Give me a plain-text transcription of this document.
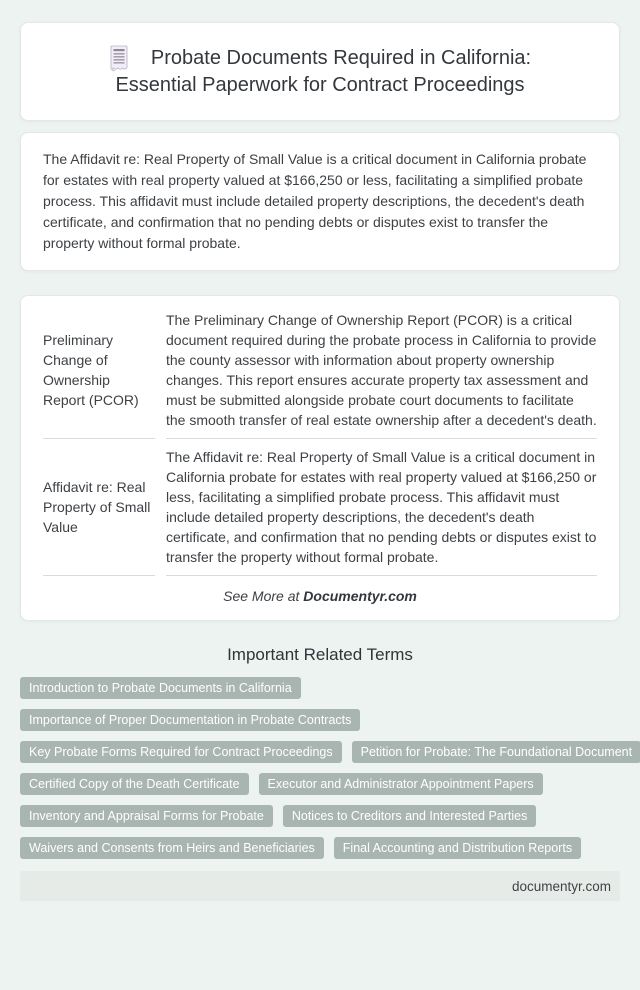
Probate Documents Required in California:
Essential Paperwork for Contract Proceedings
The Affidavit re: Real Property of Small Value is a critical document in California probate for estates with real property valued at $166,250 or less, facilitating a simplified probate process. This affidavit must include detailed property descriptions, the decedent's death certificate, and confirmation that no pending debts or disputes exist to transfer the property without formal probate.
Preliminary Change of Ownership Report (PCOR)
The Preliminary Change of Ownership Report (PCOR) is a critical document required during the probate process in California to provide the county assessor with information about property ownership changes. This report ensures accurate property tax assessment and must be submitted alongside probate court documents to facilitate the smooth transfer of real estate ownership after a decedent's death.
Affidavit re: Real Property of Small Value
The Affidavit re: Real Property of Small Value is a critical document in California probate for estates with real property valued at $166,250 or less, facilitating a simplified probate process. This affidavit must include detailed property descriptions, the decedent's death certificate, and confirmation that no pending debts or disputes exist to transfer the property without formal probate.
See More at Documentyr.com
Important Related Terms
Introduction to Probate Documents in California
Importance of Proper Documentation in Probate Contracts
Key Probate Forms Required for Contract Proceedings	Petition for Probate: The Foundational Document
Certified Copy of the Death Certificate	Executor and Administrator Appointment Papers
Inventory and Appraisal Forms for Probate	Notices to Creditors and Interested Parties
Waivers and Consents from Heirs and Beneficiaries	Final Accounting and Distribution Reports
documentyr.com
